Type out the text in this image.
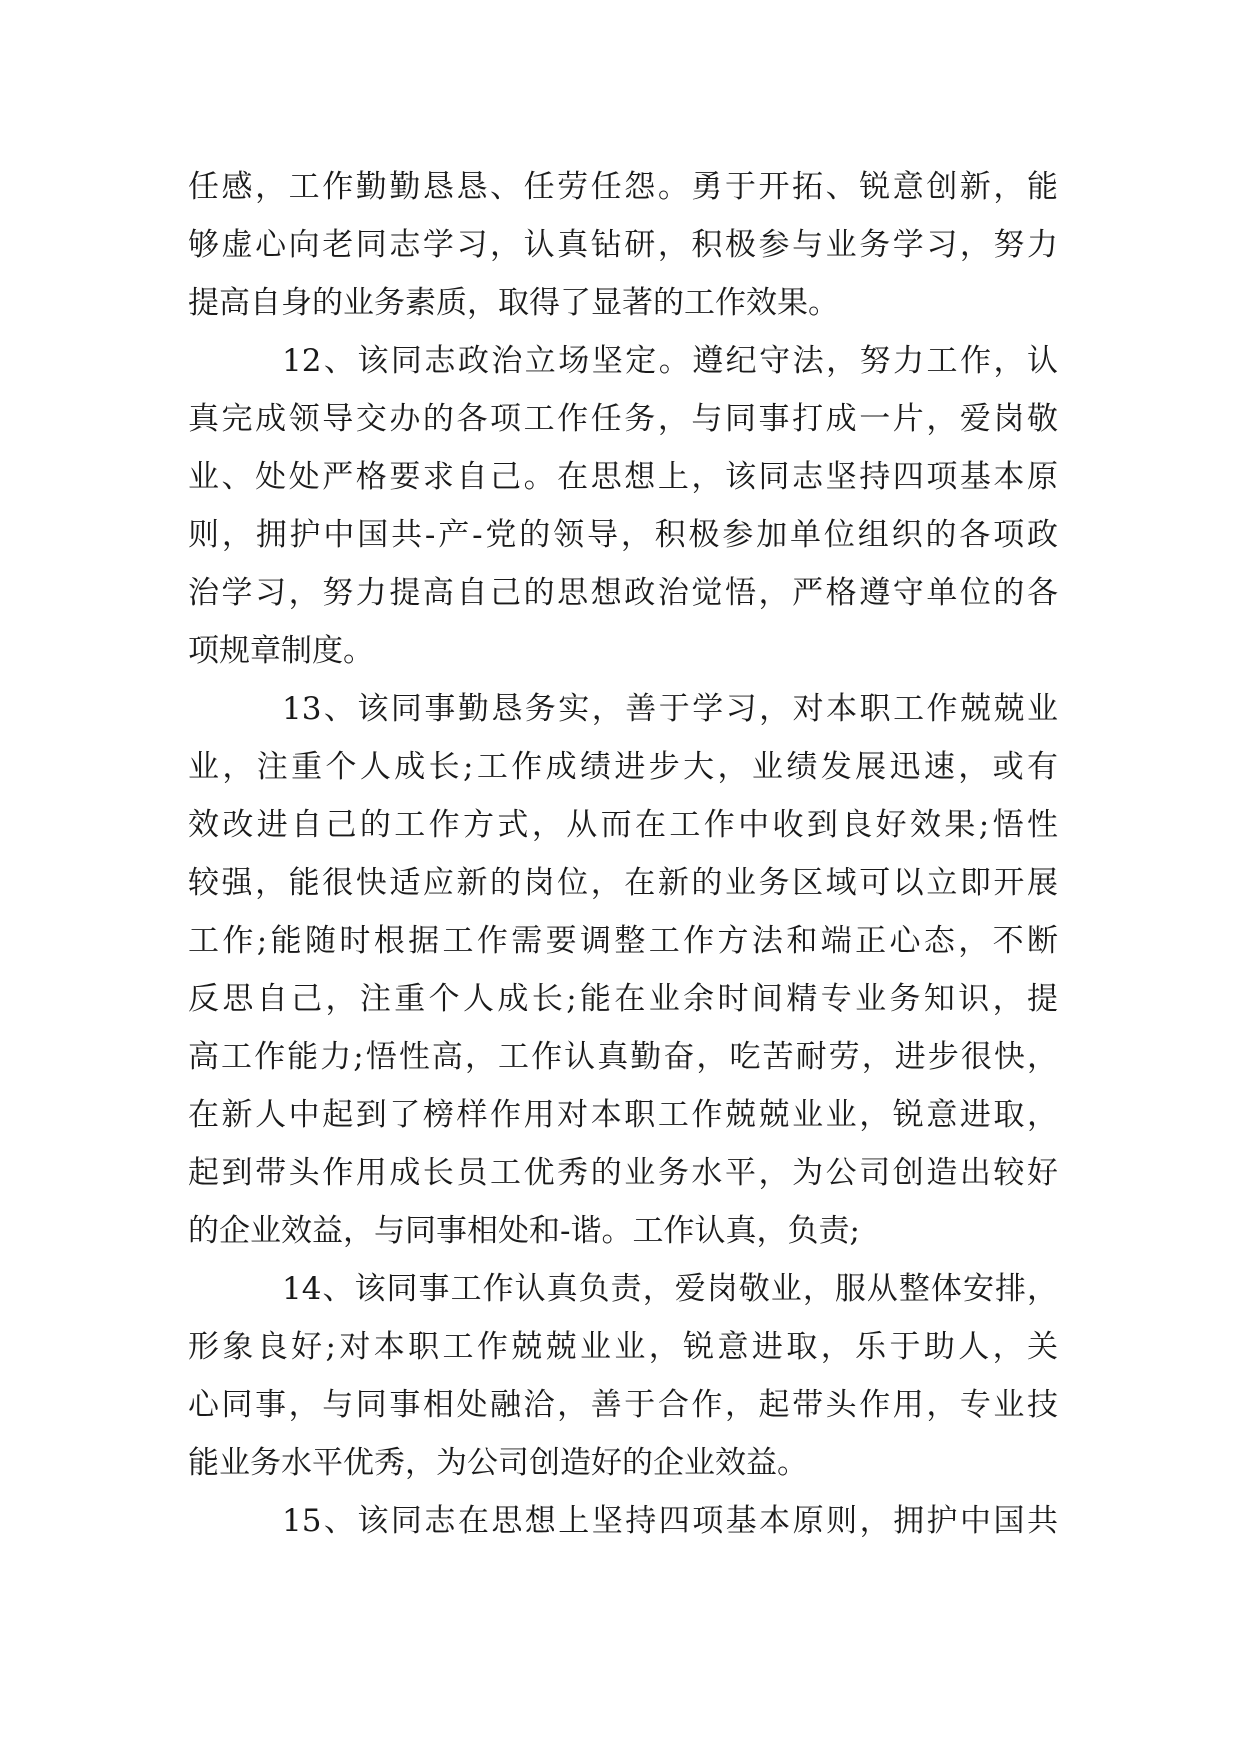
任感，工作勤勤恳恳、任劳任怨。勇于开拓、锐意创新，能
够虚心向老同志学习，认真钻研，积极参与业务学习，努力
提高自身的业务素质，取得了显著的工作效果。
12、该同志政治立场坚定。遵纪守法，努力工作，认
真完成领导交办的各项工作任务，与同事打成一片，爱岗敬
业、处处严格要求自己。在思想上，该同志坚持四项基本原
则，拥护中国共-产-党的领导，积极参加单位组织的各项政
治学习，努力提高自己的思想政治觉悟，严格遵守单位的各
项规章制度。
13、该同事勤恳务实，善于学习，对本职工作兢兢业
业，注重个人成长;工作成绩进步大，业绩发展迅速，或有
效改进自己的工作方式，从而在工作中收到良好效果;悟性
较强，能很快适应新的岗位，在新的业务区域可以立即开展
工作;能随时根据工作需要调整工作方法和端正心态，不断
反思自己，注重个人成长;能在业余时间精专业务知识，提
高工作能力;悟性高，工作认真勤奋，吃苦耐劳，进步很快，
在新人中起到了榜样作用对本职工作兢兢业业，锐意进取，
起到带头作用成长员工优秀的业务水平，为公司创造出较好
的企业效益，与同事相处和-谐。工作认真，负责;
14、该同事工作认真负责，爱岗敬业，服从整体安排，
形象良好;对本职工作兢兢业业，锐意进取，乐于助人，关
心同事，与同事相处融洽，善于合作，起带头作用，专业技
能业务水平优秀，为公司创造好的企业效益。
15、该同志在思想上坚持四项基本原则，拥护中国共
